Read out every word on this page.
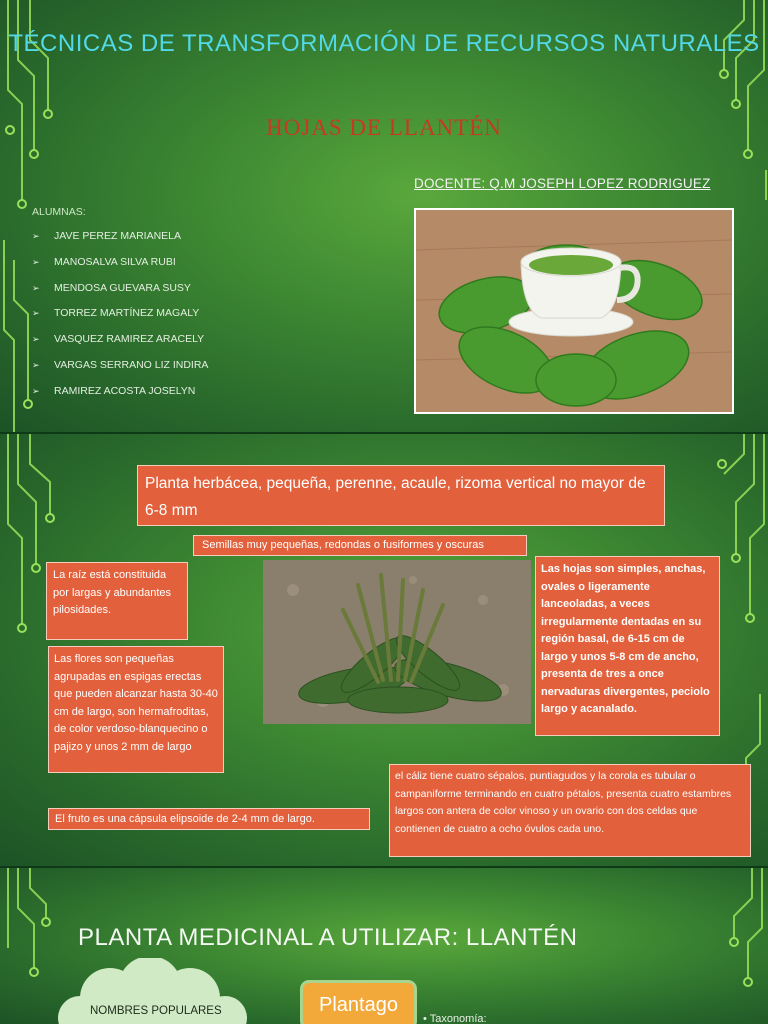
TÉCNICAS DE TRANSFORMACIÓN DE RECURSOS NATURALES
HOJAS DE LLANTÉN
DOCENTE: Q.M JOSEPH LOPEZ RODRIGUEZ
ALUMNAS:
➢ JAVE PEREZ MARIANELA
➢ MANOSALVA SILVA RUBI
➢ MENDOSA GUEVARA SUSY
➢ TORREZ MARTÍNEZ MAGALY
➢ VASQUEZ RAMIREZ ARACELY
➢ VARGAS SERRANO LIZ INDIRA
➢ RAMIREZ ACOSTA JOSELYN
Planta herbácea, pequeña, perenne, acaule, rizoma vertical no mayor de 6-8 mm
Semillas muy pequeñas, redondas o fusiformes y oscuras
La raíz está constituida por largas y abundantes pilosidades.
Las hojas son simples, anchas, ovales o ligeramente lanceoladas, a veces irregularmente dentadas en su región basal, de 6-15 cm de largo y unos 5-8 cm de ancho, presenta de tres a once nervaduras divergentes, peciolo largo y acanalado.
Las flores son pequeñas agrupadas en espigas erectas que pueden alcanzar hasta 30-40 cm de largo, son hermafroditas, de color verdoso-blanquecino o pajizo y unos 2 mm de largo
el cáliz tiene cuatro sépalos, puntiagudos y la corola es tubular o campaniforme terminando en cuatro pétalos, presenta cuatro estambres largos con antera de color vinoso y un ovario con dos celdas que contienen de cuatro a ocho óvulos cada uno.
El fruto es una cápsula elipsoide de 2-4 mm de largo.
PLANTA MEDICINAL A UTILIZAR: LLANTÉN
NOMBRES POPULARES	Plantago
• Taxonomía:
